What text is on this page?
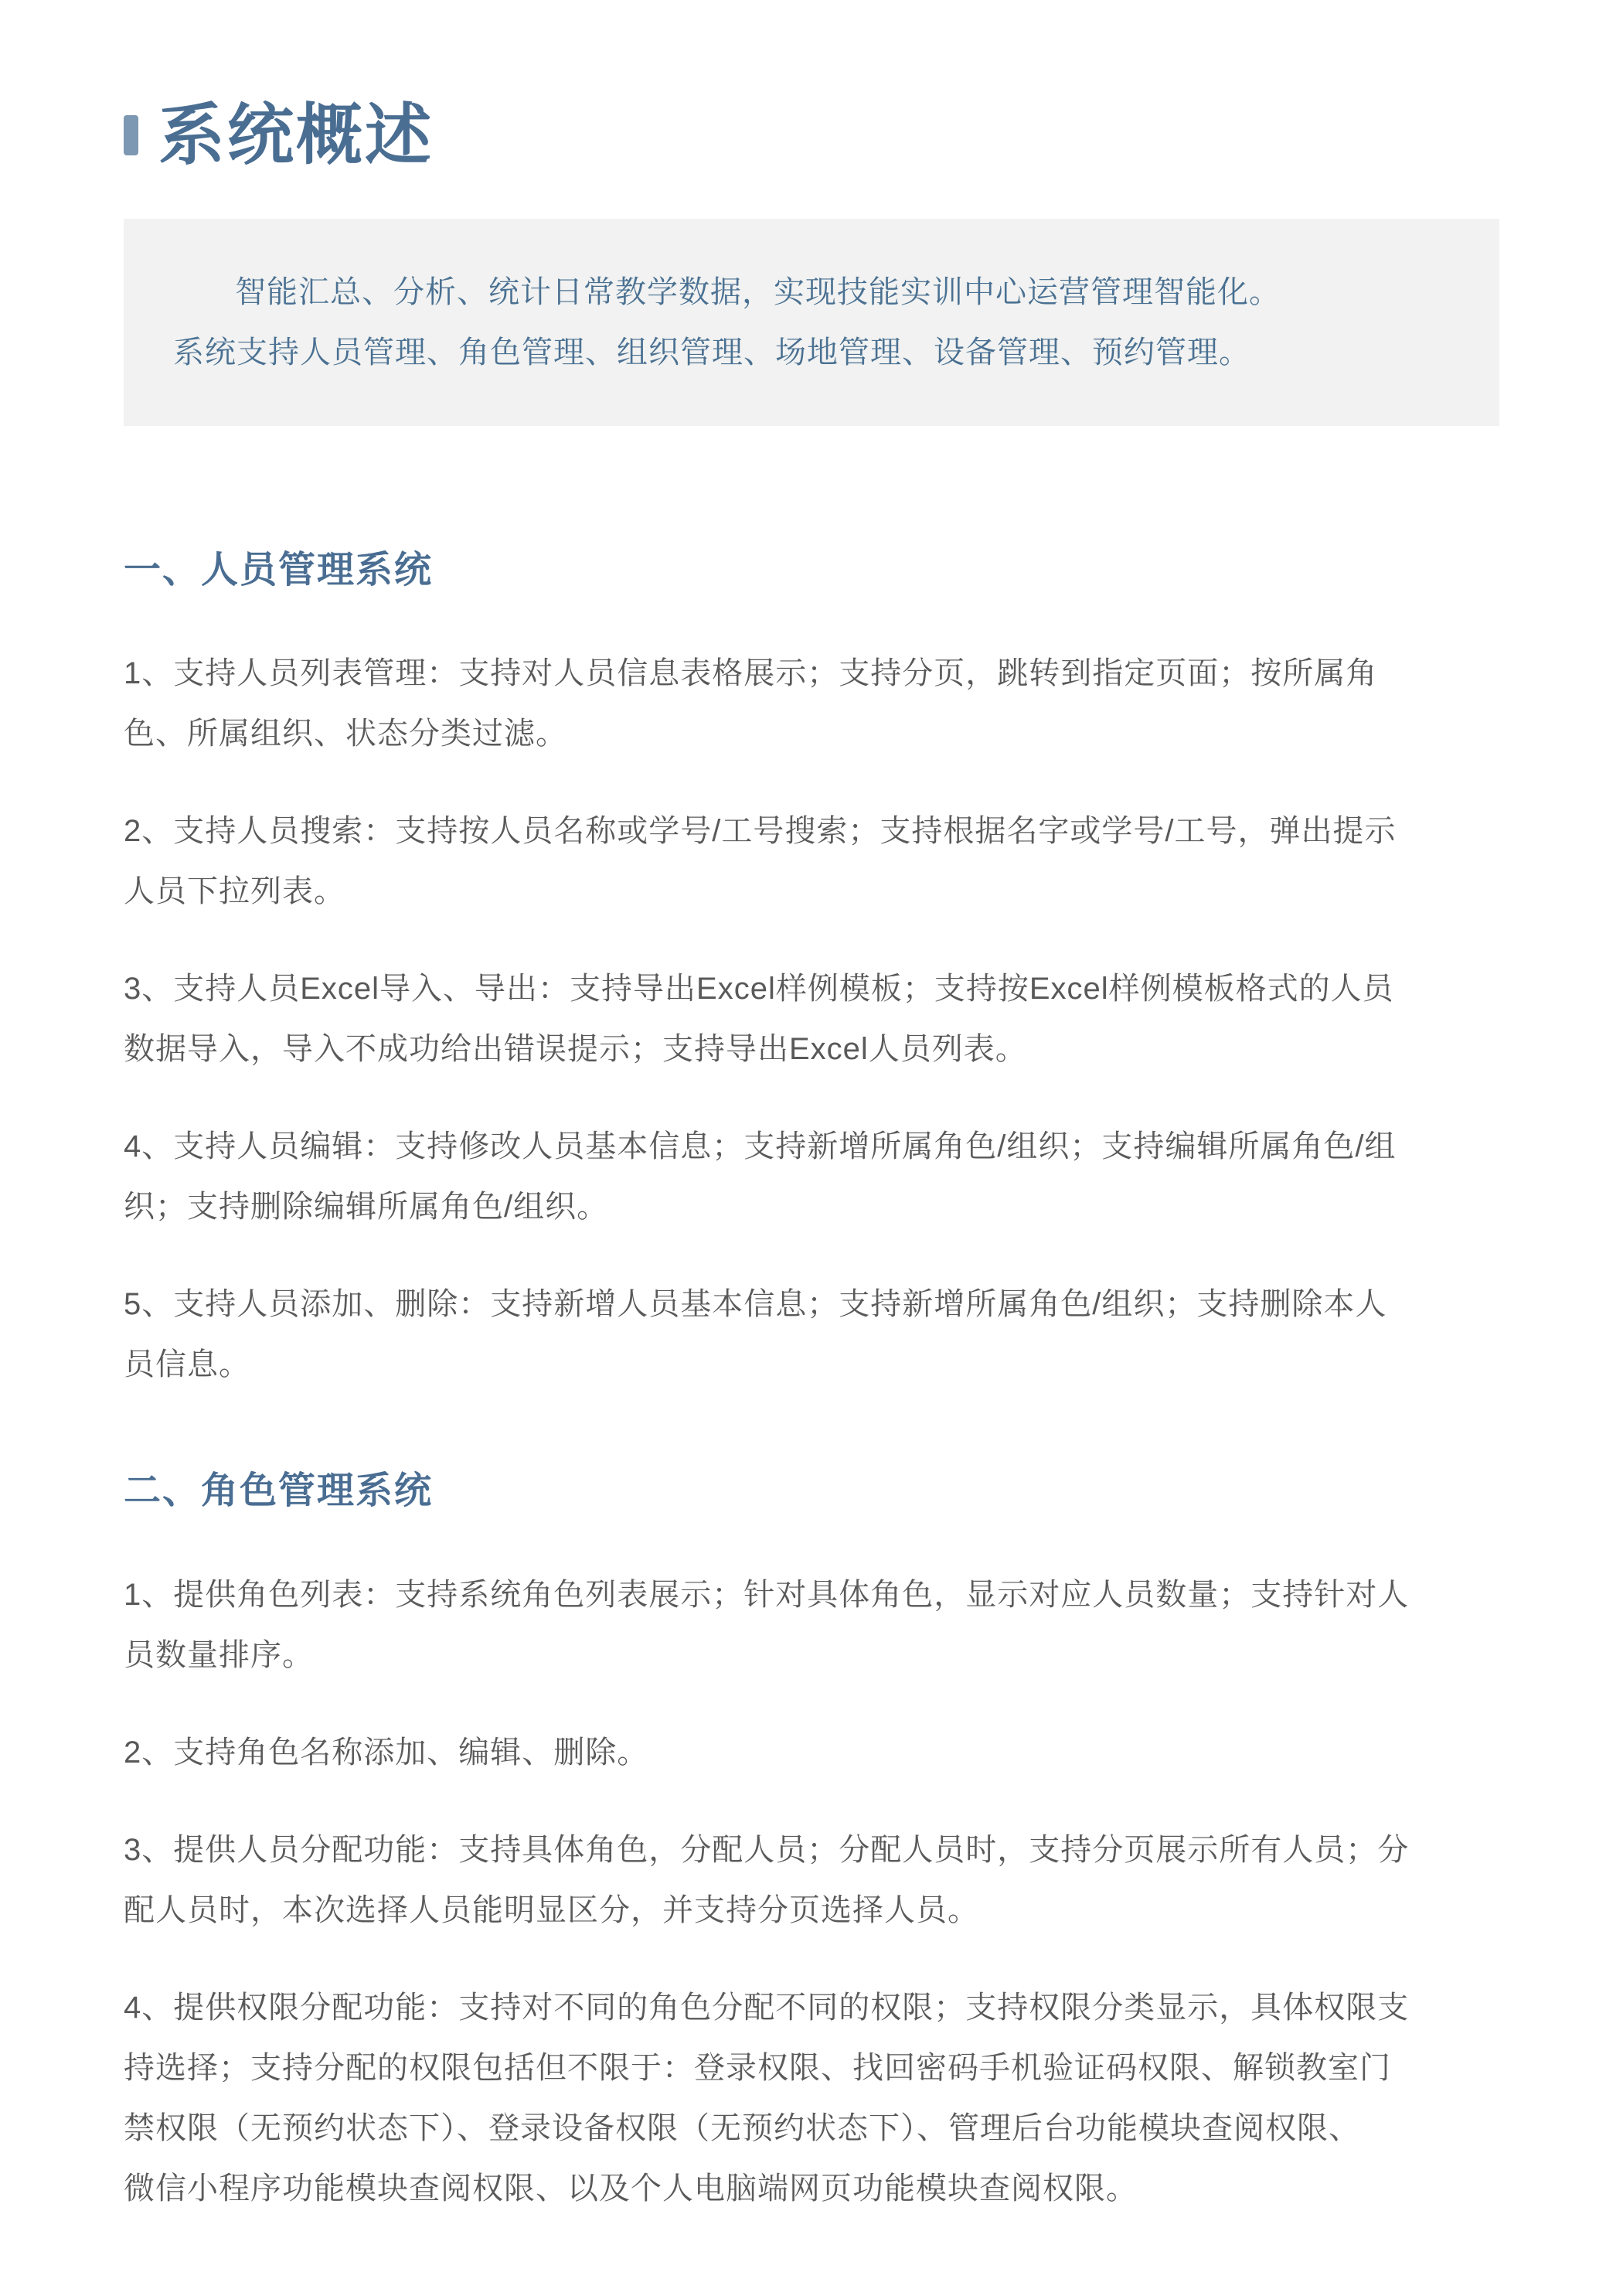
系统概述
智能汇总、分析、统计日常教学数据，实现技能实训中心运营管理智能化。
系统支持人员管理、角色管理、组织管理、场地管理、设备管理、预约管理。
一、人员管理系统

1、支持人员列表管理：支持对人员信息表格展示；支持分页，跳转到指定页面；按所属角
色、所属组织、状态分类过滤。

2、支持人员搜索：支持按人员名称或学号/工号搜索；支持根据名字或学号/工号，弹出提示
人员下拉列表。

3、支持人员Excel导入、导出：支持导出Excel样例模板；支持按Excel样例模板格式的人员
数据导入，导入不成功给出错误提示；支持导出Excel人员列表。

4、支持人员编辑：支持修改人员基本信息；支持新增所属角色/组织；支持编辑所属角色/组
织；支持删除编辑所属角色/组织。

5、支持人员添加、删除：支持新增人员基本信息；支持新增所属角色/组织；支持删除本人
员信息。

二、角色管理系统

1、提供角色列表：支持系统角色列表展示；针对具体角色，显示对应人员数量；支持针对人
员数量排序。

2、支持角色名称添加、编辑、删除。

3、提供人员分配功能：支持具体角色，分配人员；分配人员时，支持分页展示所有人员；分
配人员时，本次选择人员能明显区分，并支持分页选择人员。

4、提供权限分配功能：支持对不同的角色分配不同的权限；支持权限分类显示，具体权限支
持选择；支持分配的权限包括但不限于：登录权限、找回密码手机验证码权限、解锁教室门
禁权限（无预约状态下）、登录设备权限（无预约状态下）、管理后台功能模块查阅权限、
微信小程序功能模块查阅权限、以及个人电脑端网页功能模块查阅权限。
